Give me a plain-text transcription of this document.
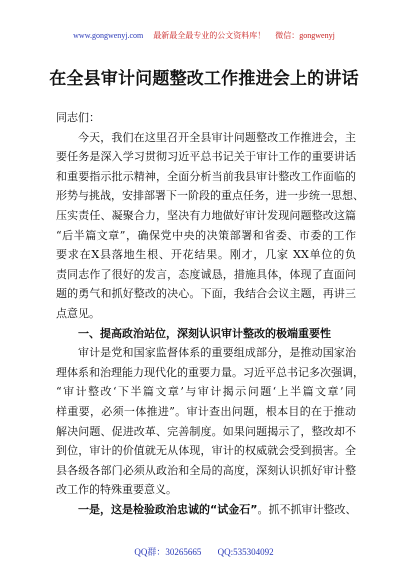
www.gongwenyj.com 最新最全最专业的公文资料库！ 微信：gongwenyj
在全县审计问题整改工作推进会上的讲话
同志们：
今天，我们在这里召开全县审计问题整改工作推进会，主
要任务是深入学习贯彻习近平总书记关于审计工作的重要讲话
和重要指示批示精神，全面分析当前我县审计整改工作面临的
形势与挑战，安排部署下一阶段的重点任务，进一步统一思想、
压实责任、凝聚合力，坚决有力地做好审计发现问题整改这篇
“后半篇文章”，确保党中央的决策部署和省委、市委的工作
要求在X县落地生根、开花结果。刚才，几家 XX单位的负
责同志作了很好的发言，态度诚恳，措施具体，体现了直面问
题的勇气和抓好整改的决心。下面，我结合会议主题，再讲三
点意见。
一、提高政治站位，深刻认识审计整改的极端重要性
审计是党和国家监督体系的重要组成部分，是推动国家治
理体系和治理能力现代化的重要力量。习近平总书记多次强调，
“审计整改‘下半篇文章’与审计揭示问题‘上半篇文章’同
样重要，必须一体推进”。审计查出问题，根本目的在于推动
解决问题、促进改革、完善制度。如果问题揭示了，整改却不
到位，审计的价值就无从体现，审计的权威就会受到损害。全
县各级各部门必须从政治和全局的高度，深刻认识抓好审计整
改工作的特殊重要意义。
一是，这是检验政治忠诚的“试金石”。抓不抓审计整改、
QQ群：30265665 QQ:535304092
